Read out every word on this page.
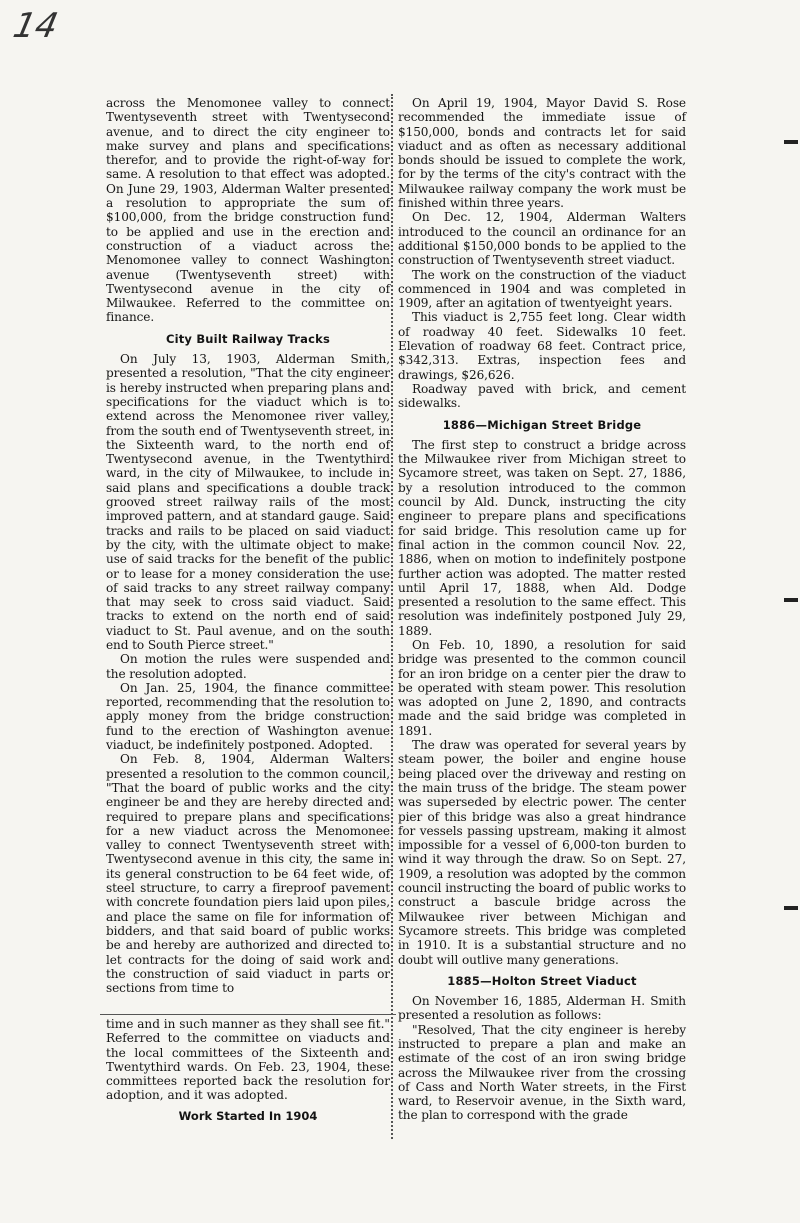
14

across the Menomonee valley to connect Twentyseventh street with Twentysecond avenue, and to direct the city engineer to make survey and plans and specifications therefor, and to provide the right-of-way for same. A resolution to that effect was adopted. On June 29, 1903, Alderman Walter presented a resolution to appropriate the sum of $100,000, from the bridge construction fund to be applied and use in the erection and construction of a viaduct across the Menomonee valley to connect Washington avenue (Twentyseventh street) with Twentysecond avenue in the city of Milwaukee. Referred to the committee on finance.

City Built Railway Tracks

On July 13, 1903, Alderman Smith, presented a resolution, "That the city engineer is hereby instructed when preparing plans and specifications for the viaduct which is to extend across the Menomonee river valley, from the south end of Twentyseventh street, in the Sixteenth ward, to the north end of Twentysecond avenue, in the Twentythird ward, in the city of Milwaukee, to include in said plans and specifications a double track grooved street railway rails of the most improved pattern, and at standard gauge. Said tracks and rails to be placed on said viaduct by the city, with the ultimate object to make use of said tracks for the benefit of the public or to lease for a money consideration the use of said tracks to any street railway company that may seek to cross said viaduct. Said tracks to extend on the north end of said viaduct to St. Paul avenue, and on the south end to South Pierce street."

On motion the rules were suspended and the resolution adopted.

On Jan. 25, 1904, the finance committee reported, recommending that the resolution to apply money from the bridge construction fund to the erection of Washington avenue viaduct, be indefinitely postponed. Adopted.

On Feb. 8, 1904, Alderman Walters presented a resolution to the common council, "That the board of public works and the city engineer be and they are hereby directed and required to prepare plans and specifications for a new viaduct across the Menomonee valley to connect Twentyseventh street with Twentysecond avenue in this city, the same in its general construction to be 64 feet wide, of steel structure, to carry a fireproof pavement with concrete foundation piers laid upon piles, and place the same on file for information of bidders, and that said board of public works be and hereby are authorized and directed to let contracts for the doing of said work and the construction of said viaduct in parts or sections from time to

time and in such manner as they shall see fit." Referred to the committee on viaducts and the local committees of the Sixteenth and Twentythird wards. On Feb. 23, 1904, these committees reported back the resolution for adoption, and it was adopted.

Work Started In 1904

On April 19, 1904, Mayor David S. Rose recommended the immediate issue of $150,000, bonds and contracts let for said viaduct and as often as necessary additional bonds should be issued to complete the work, for by the terms of the city's contract with the Milwaukee railway company the work must be finished within three years.

On Dec. 12, 1904, Alderman Walters introduced to the council an ordinance for an additional $150,000 bonds to be applied to the construction of Twentyseventh street viaduct.

The work on the construction of the viaduct commenced in 1904 and was completed in 1909, after an agitation of twentyeight years.

This viaduct is 2,755 feet long. Clear width of roadway 40 feet. Sidewalks 10 feet. Elevation of roadway 68 feet. Contract price, $342,313. Extras, inspection fees and drawings, $26,626.

Roadway paved with brick, and cement sidewalks.

1886—Michigan Street Bridge

The first step to construct a bridge across the Milwaukee river from Michigan street to Sycamore street, was taken on Sept. 27, 1886, by a resolution introduced to the common council by Ald. Dunck, instructing the city engineer to prepare plans and specifications for said bridge. This resolution came up for final action in the common council Nov. 22, 1886, when on motion to indefinitely postpone further action was adopted. The matter rested until April 17, 1888, when Ald. Dodge presented a resolution to the same effect. This resolution was indefinitely postponed July 29, 1889.

On Feb. 10, 1890, a resolution for said bridge was presented to the common council for an iron bridge on a center pier the draw to be operated with steam power. This resolution was adopted on June 2, 1890, and contracts made and the said bridge was completed in 1891.

The draw was operated for several years by steam power, the boiler and engine house being placed over the driveway and resting on the main truss of the bridge. The steam power was superseded by electric power. The center pier of this bridge was also a great hindrance for vessels passing upstream, making it almost impossible for a vessel of 6,000-ton burden to wind it way through the draw. So on Sept. 27, 1909, a resolution was adopted by the common council instructing the board of public works to construct a bascule bridge across the Milwaukee river between Michigan and Sycamore streets. This bridge was completed in 1910. It is a substantial structure and no doubt will outlive many generations.

1885—Holton Street Viaduct

On November 16, 1885, Alderman H. Smith presented a resolution as follows:

"Resolved, That the city engineer is hereby instructed to prepare a plan and make an estimate of the cost of an iron swing bridge across the Milwaukee river from the crossing of Cass and North Water streets, in the First ward, to Reservoir avenue, in the Sixth ward, the plan to correspond with the grade
